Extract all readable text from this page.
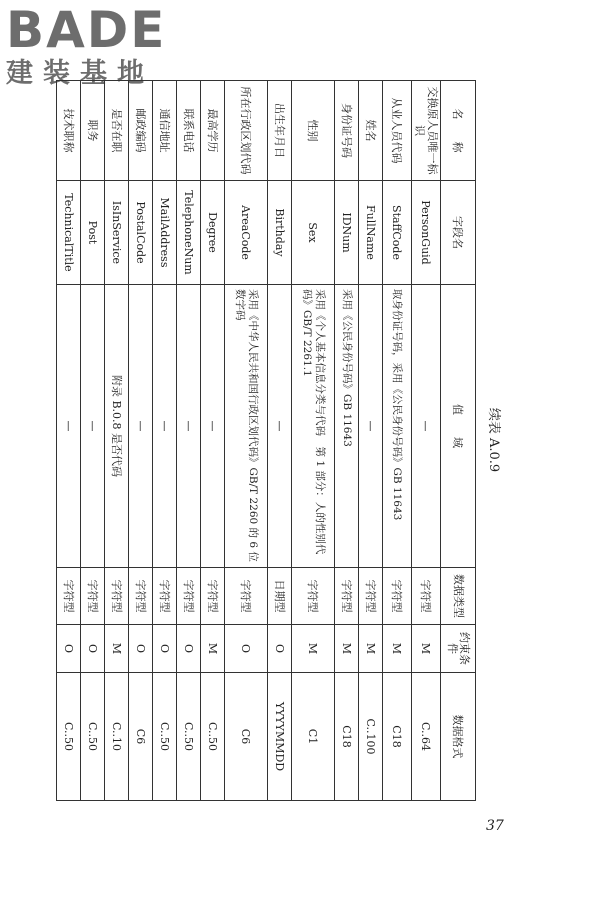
BADE
建装基地
续表 A.0.9
名　　称	字段名	值　　域	数据类型	约束条件	数据格式
交换原人员唯一标识	PersonGuid	—	字符型	M	C..64
从业人员代码	StaffCode	取身份证号码，采用《公民身份号码》GB 11643	字符型	M	C18
姓名	FullName	—	字符型	M	C..100
身份证号码	IDNum	采用《公民身份号码》GB 11643	字符型	M	C18
性别	Sex	采用《个人基本信息分类与代码　第 1 部分：人的性别代码》GB/T 2261.1	字符型	M	C1
出生年月日	Birthday	—	日期型	O	YYYYMMDD
所在行政区划代码	AreaCode	采用《中华人民共和国行政区划代码》GB/T 2260 的 6 位数字码	字符型	O	C6
最高学历	Degree	—	字符型	M	C..50
联系电话	TelephoneNum	—	字符型	O	C..50
通信地址	MailAddress	—	字符型	O	C..50
邮政编码	PostalCode	—	字符型	O	C6
是否在职	IsInService	附录 B.0.8 是否代码	字符型	M	C..10
职务	Post	—	字符型	O	C..50
技术职称	TechnicalTitle	—	字符型	O	C..50
37
